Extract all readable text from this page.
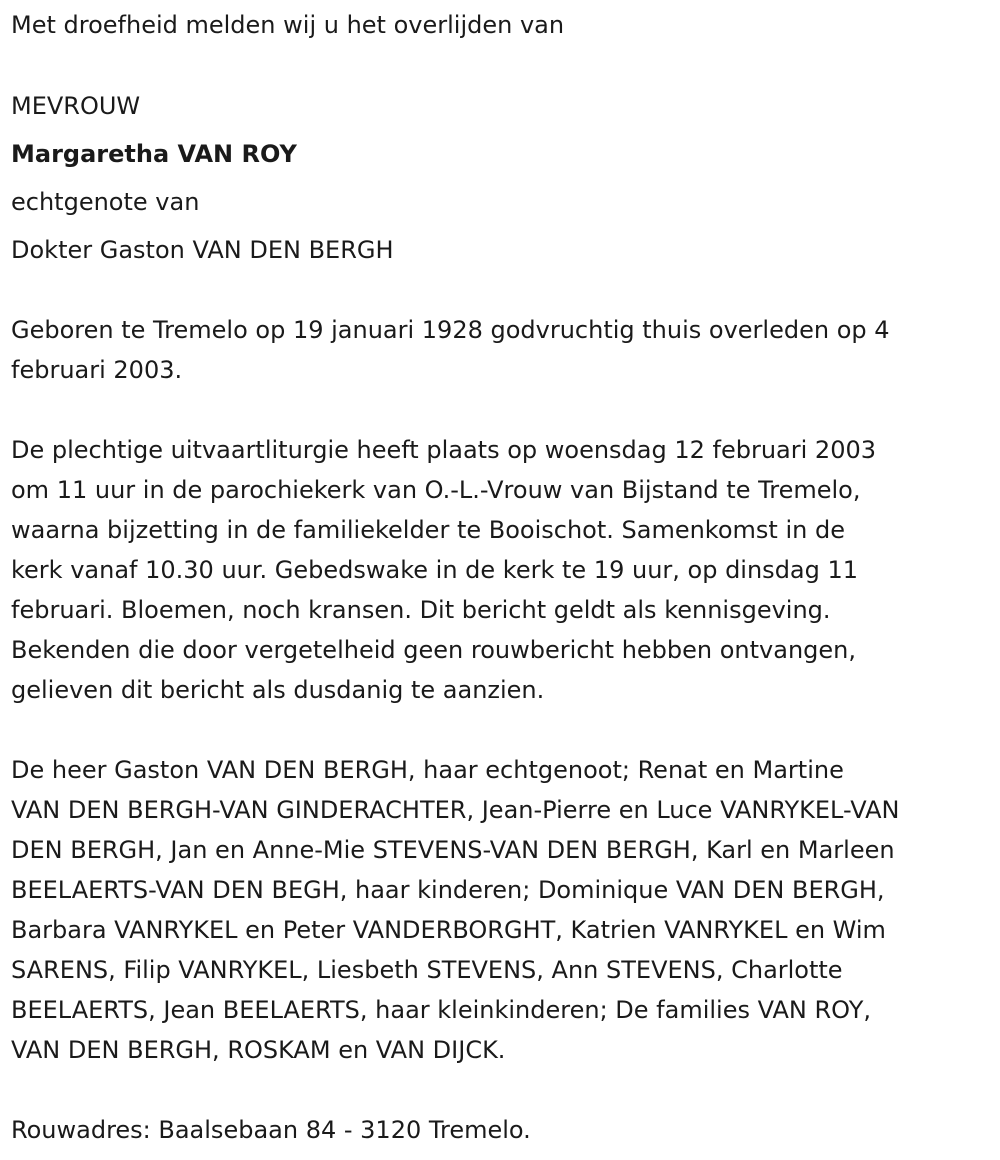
Met droefheid melden wij u het overlijden van
MEVROUW
Margaretha VAN ROY
echtgenote van
Dokter Gaston VAN DEN BERGH
Geboren te Tremelo op 19 januari 1928 godvruchtig thuis overleden op 4
februari 2003.
De plechtige uitvaartliturgie heeft plaats op woensdag 12 februari 2003
om 11 uur in de parochiekerk van O.-L.-Vrouw van Bijstand te Tremelo,
waarna bijzetting in de familiekelder te Booischot. Samenkomst in de
kerk vanaf 10.30 uur. Gebedswake in de kerk te 19 uur, op dinsdag 11
februari. Bloemen, noch kransen. Dit bericht geldt als kennisgeving.
Bekenden die door vergetelheid geen rouwbericht hebben ontvangen,
gelieven dit bericht als dusdanig te aanzien.
De heer Gaston VAN DEN BERGH, haar echtgenoot; Renat en Martine
VAN DEN BERGH-VAN GINDERACHTER, Jean-Pierre en Luce VANRYKEL-VAN
DEN BERGH, Jan en Anne-Mie STEVENS-VAN DEN BERGH, Karl en Marleen
BEELAERTS-VAN DEN BEGH, haar kinderen; Dominique VAN DEN BERGH,
Barbara VANRYKEL en Peter VANDERBORGHT, Katrien VANRYKEL en Wim
SARENS, Filip VANRYKEL, Liesbeth STEVENS, Ann STEVENS, Charlotte
BEELAERTS, Jean BEELAERTS, haar kleinkinderen; De families VAN ROY,
VAN DEN BERGH, ROSKAM en VAN DIJCK.
Rouwadres: Baalsebaan 84 - 3120 Tremelo.
